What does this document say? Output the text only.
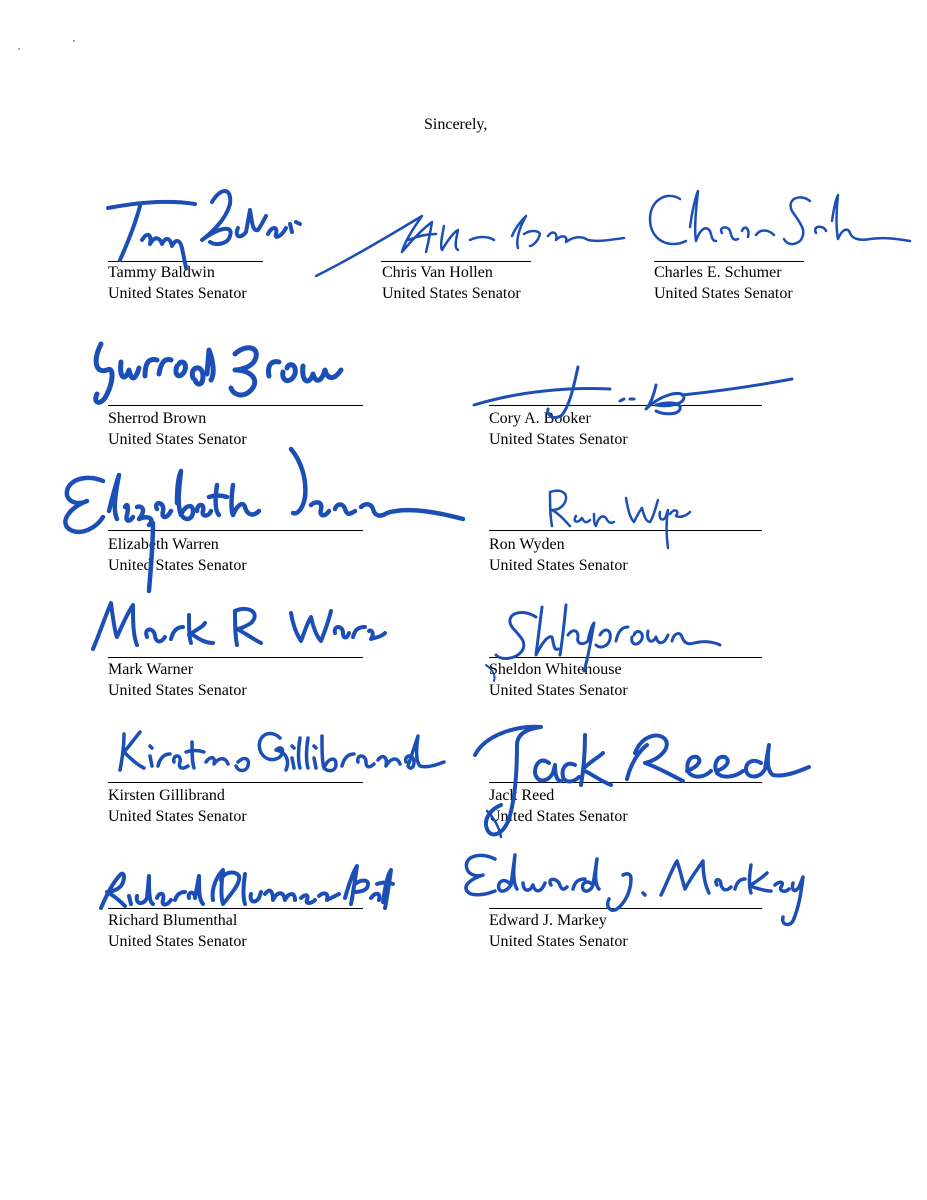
Sincerely,
Tammy Baldwin
United States Senator
Chris Van Hollen
United States Senator
Charles E. Schumer
United States Senator
Sherrod Brown
United States Senator
Cory A. Booker
United States Senator
Elizabeth Warren
United States Senator
Ron Wyden
United States Senator
Mark Warner
United States Senator
Sheldon Whitehouse
United States Senator
Kirsten Gillibrand
United States Senator
Jack Reed
United States Senator
Richard Blumenthal
United States Senator
Edward J. Markey
United States Senator
